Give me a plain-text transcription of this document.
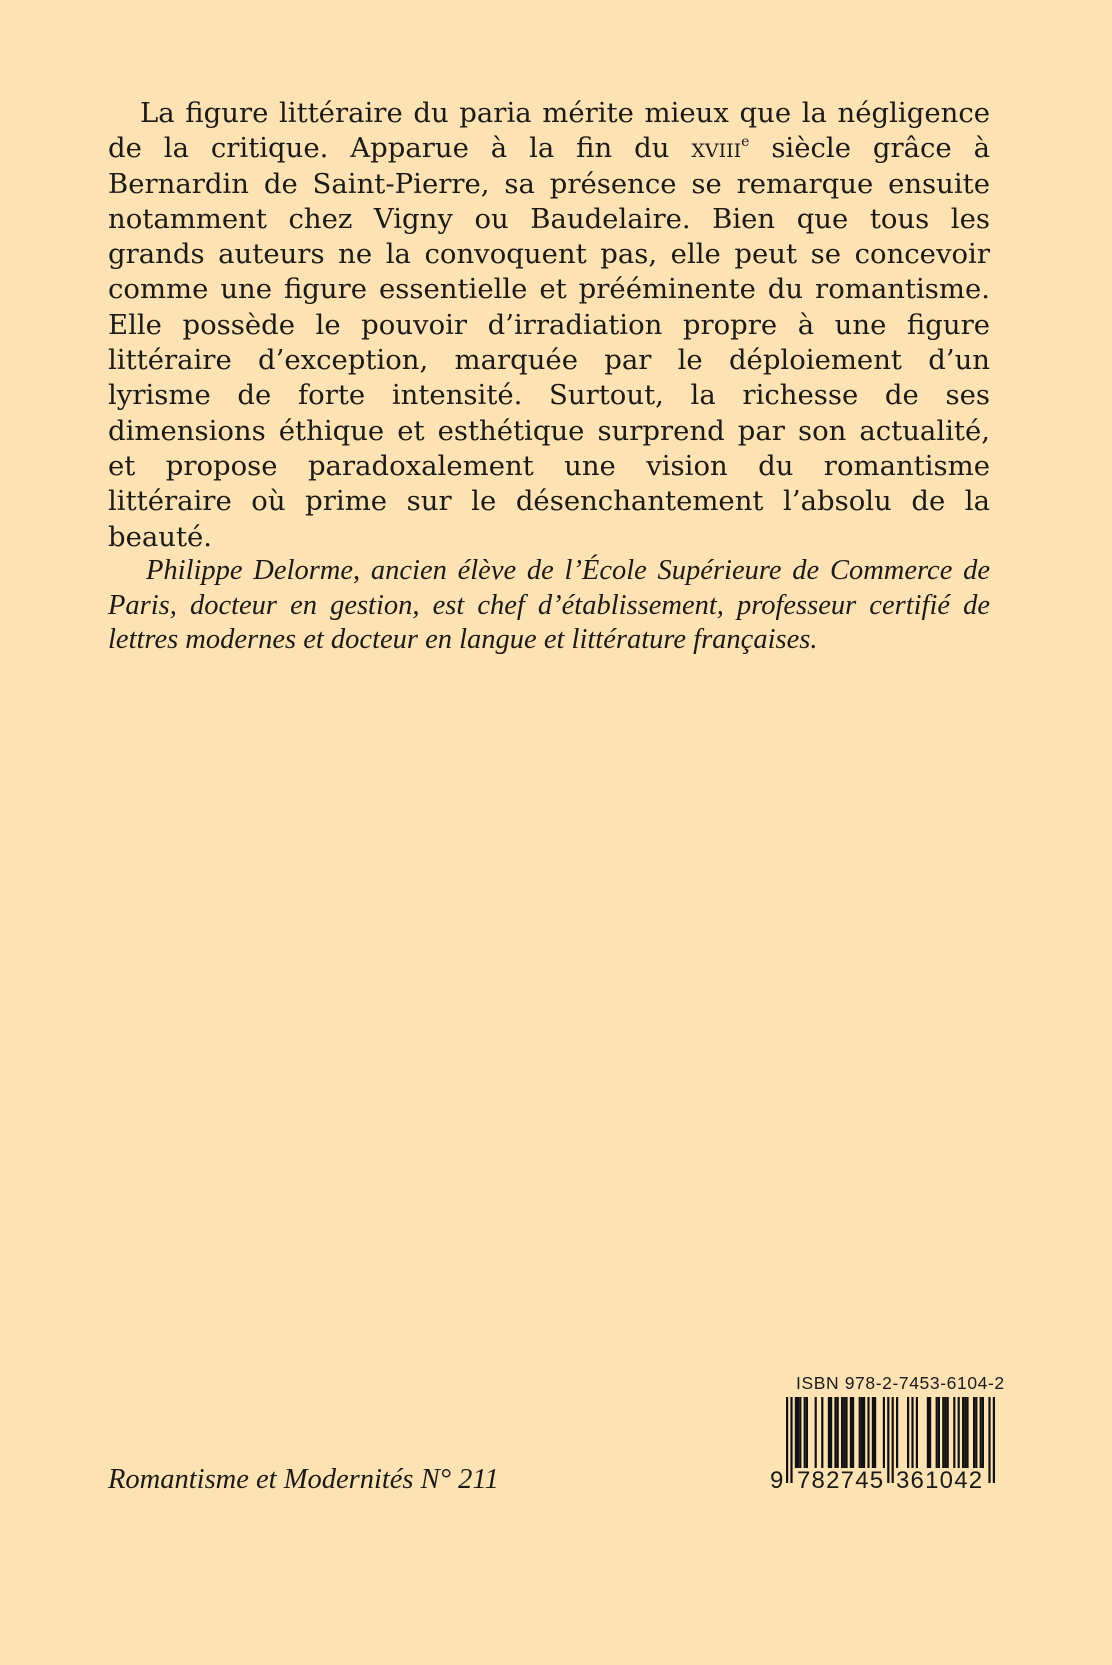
La figure littéraire du paria mérite mieux que la négligence de la critique. Apparue à la fin du xviii$^e$ siècle grâce à Bernardin de Saint-Pierre, sa présence se remarque ensuite notamment chez Vigny ou Baudelaire. Bien que tous les grands auteurs ne la convoquent pas, elle peut se concevoir comme une figure essentielle et prééminente du romantisme. Elle possède le pouvoir d’irradiation propre à une figure littéraire d’exception, marquée par le déploiement d’un lyrisme de forte intensité. Surtout, la richesse de ses dimensions éthique et esthétique surprend par son actualité, et propose paradoxalement une vision du romantisme littéraire où prime sur le désenchantement l’absolu de la beauté.

Philippe Delorme, ancien élève de l’École Supérieure de Commerce de Paris, docteur en gestion, est chef d’établissement, professeur certifié de lettres modernes et docteur en langue et littérature françaises.

Romantisme et Modernités N° 211

ISBN 978-2-7453-6104-2
9 782745 361042
